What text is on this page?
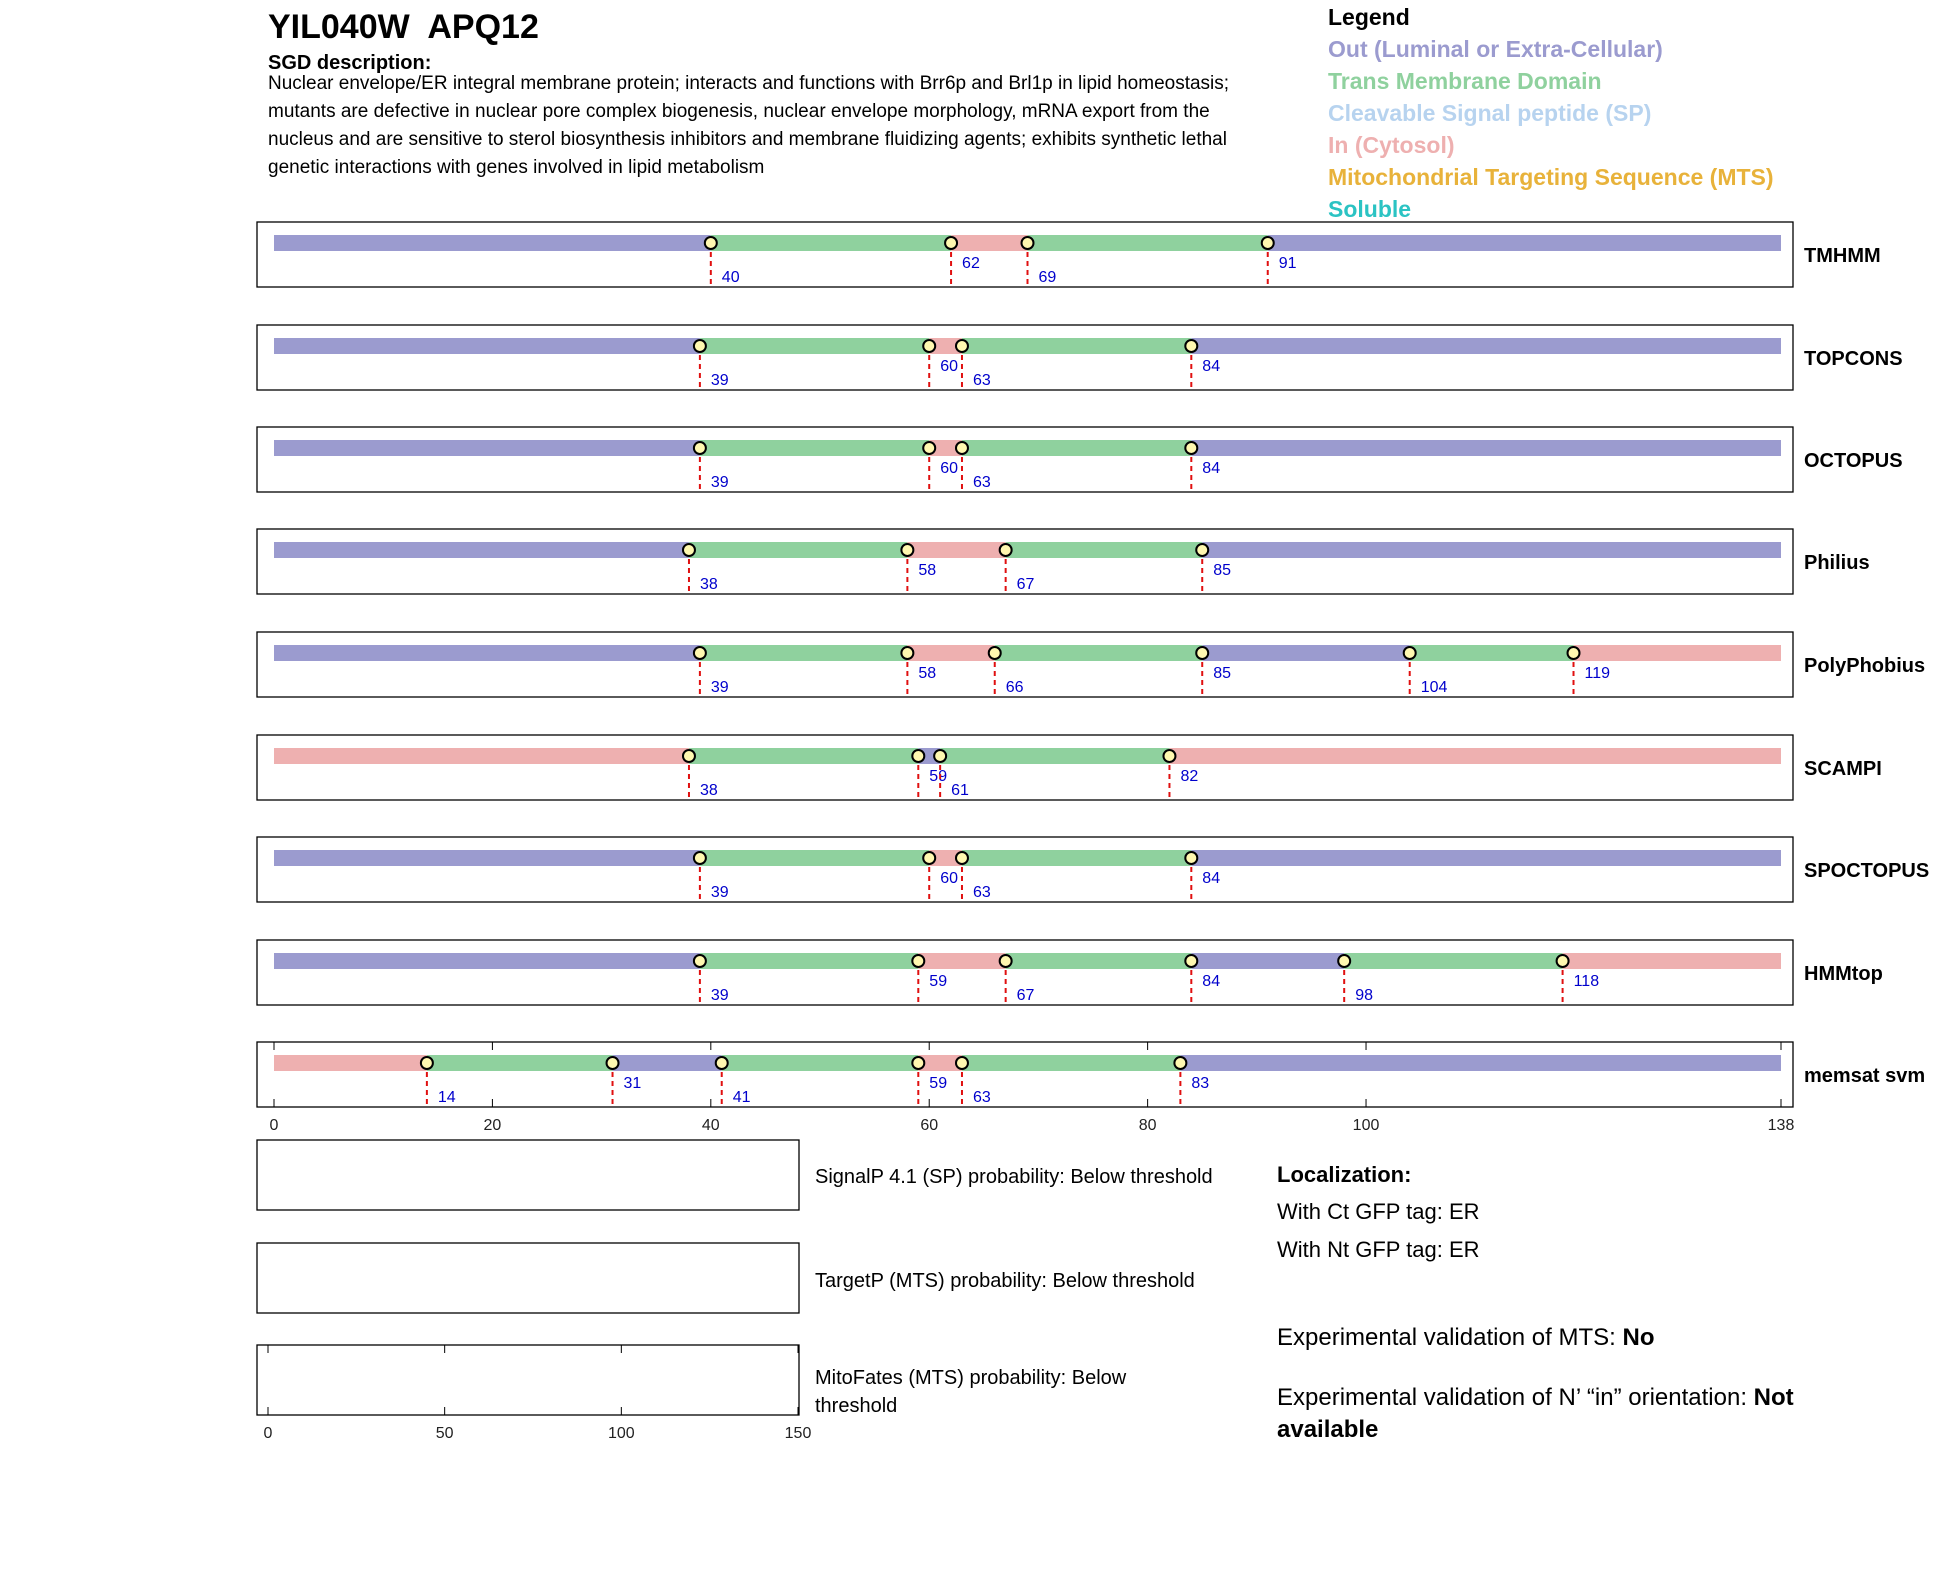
YIL040W APQ12
SGD description:
Nuclear envelope/ER integral membrane protein; interacts and functions with Brr6p and Brl1p in lipid homeostasis; mutants are defective in nuclear pore complex biogenesis, nuclear envelope morphology, mRNA export from the nucleus and are sensitive to sterol biosynthesis inhibitors and membrane fluidizing agents; exhibits synthetic lethal genetic interactions with genes involved in lipid metabolism
Legend
Out (Luminal or Extra-Cellular)
Trans Membrane Domain
Cleavable Signal peptide (SP)
In (Cytosol)
Mitochondrial Targeting Sequence (MTS)
Soluble
40
62
69
91	TMHMM
39
60
63
84	TOPCONS
39
60
63
84	OCTOPUS
38
58
67
85	Philius
39
58
66
85
104
119	PolyPhobius
38
59
61
82	SCAMPI
39
60
63
84	SPOCTOPUS
39
59
67
84
98
118	HMMtop
14
31
41
59
63
83	memsat svm
0	20	40	60	80	100	138
0	50	100	150
SignalP 4.1 (SP) probability: Below threshold
TargetP (MTS) probability: Below threshold
MitoFates (MTS) probability: Below threshold
Localization:
With Ct GFP tag: ER
With Nt GFP tag: ER
Experimental validation of MTS: No
Experimental validation of N’ “in” orientation: Not available
